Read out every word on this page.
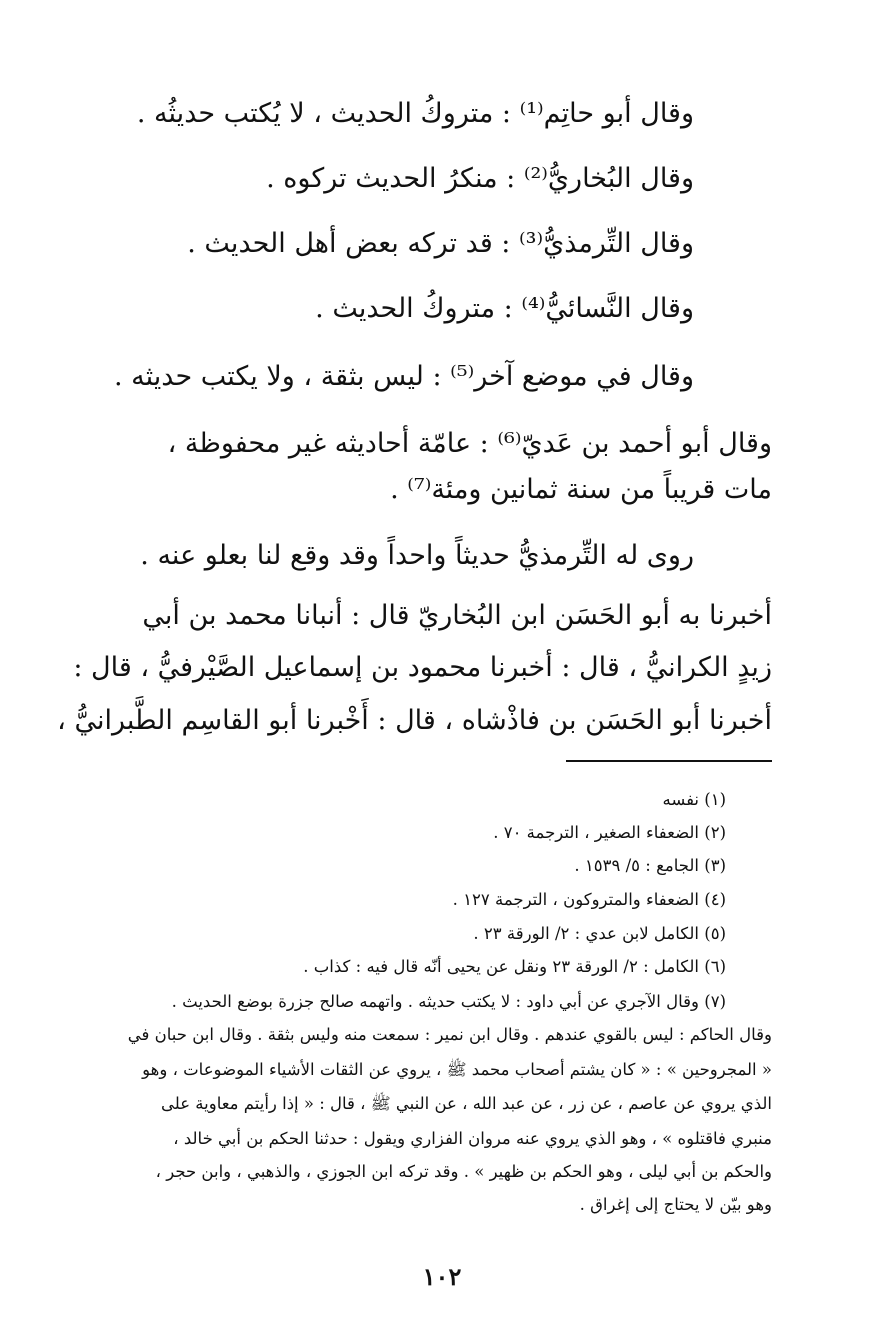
وقال أبو حاتِم⁽¹⁾ : متروكُ الحديث ، لا يُكتب حديثُه .
وقال البُخاريُّ⁽²⁾ : منكرُ الحديث تركوه .
وقال التِّرمذيُّ⁽³⁾ : قد تركه بعض أهل الحديث .
وقال النَّسائيُّ⁽⁴⁾ : متروكُ الحديث .
وقال في موضع آخر⁽⁵⁾ : ليس بثقة ، ولا يكتب حديثه .
وقال أبو أحمد بن عَديّ⁽⁶⁾ : عامّة أحاديثه غير محفوظة ،
مات قريباً من سنة ثمانين ومئة⁽⁷⁾ .
روى له التِّرمذيُّ حديثاً واحداً وقد وقع لنا بعلو عنه .
أخبرنا به أبو الحَسَن ابن البُخاريّ قال : أنبانا محمد بن أبي
زيدٍ الكرانيُّ ، قال : أخبرنا محمود بن إسماعيل الصَّيْرفيُّ ، قال :
أخبرنا أبو الحَسَن بن فاذْشاه ، قال : أَخْبرنا أبو القاسِم الطَّبرانيُّ ،
(١) نفسه
(٢) الضعفاء الصغير ، الترجمة ٧٠ .
(٣) الجامع : ٥/ ١٥٣٩ .
(٤) الضعفاء والمتروكون ، الترجمة ١٢٧ .
(٥) الكامل لابن عدي : ٢/ الورقة ٢٣ .
(٦) الكامل : ٢/ الورقة ٢٣ ونقل عن يحيى أنّه قال فيه : كذاب .
(٧) وقال الآجري عن أبي داود : لا يكتب حديثه . واتهمه صالح جزرة بوضع الحديث .
وقال الحاكم : ليس بالقوي عندهم . وقال ابن نمير : سمعت منه وليس بثقة . وقال ابن حبان في
« المجروحين » : « كان يشتم أصحاب محمد ﷺ ، يروي عن الثقات الأشياء الموضوعات ، وهو
الذي يروي عن عاصم ، عن زر ، عن عبد الله ، عن النبي ﷺ ، قال : « إذا رأيتم معاوية على
منبري فاقتلوه » ، وهو الذي يروي عنه مروان الفزاري ويقول : حدثنا الحكم بن أبي خالد ،
والحكم بن أبي ليلى ، وهو الحكم بن ظهير » . وقد تركه ابن الجوزي ، والذهبي ، وابن حجر ،
وهو بيّن لا يحتاج إلى إغراق .
١٠٢
